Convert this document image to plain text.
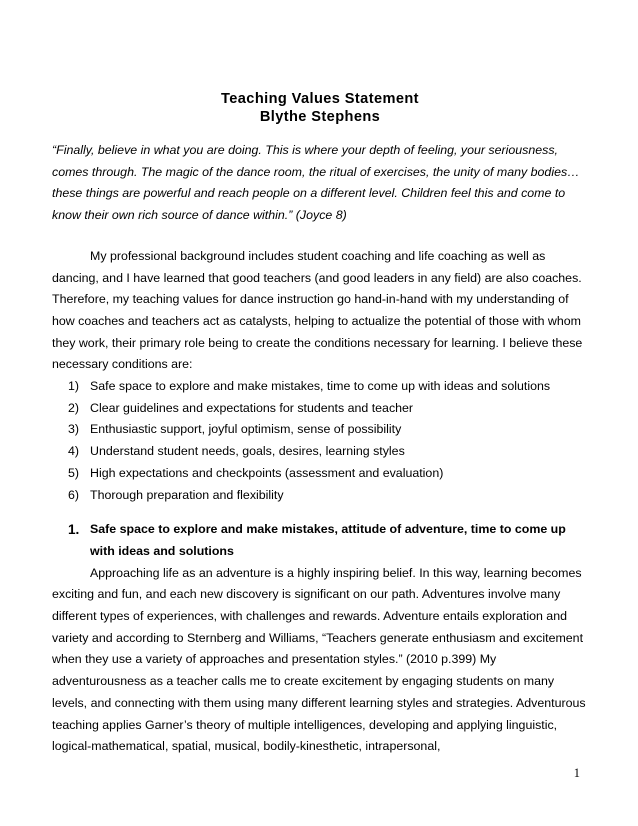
Teaching Values Statement
Blythe Stephens

“Finally, believe in what you are doing. This is where your depth of feeling, your seriousness, comes through. The magic of the dance room, the ritual of exercises, the unity of many bodies…these things are powerful and reach people on a different level. Children feel this and come to know their own rich source of dance within.” (Joyce 8)

My professional background includes student coaching and life coaching as well as dancing, and I have learned that good teachers (and good leaders in any field) are also coaches. Therefore, my teaching values for dance instruction go hand-in-hand with my understanding of how coaches and teachers act as catalysts, helping to actualize the potential of those with whom they work, their primary role being to create the conditions necessary for learning. I believe these necessary conditions are:

1) Safe space to explore and make mistakes, time to come up with ideas and solutions
2) Clear guidelines and expectations for students and teacher
3) Enthusiastic support, joyful optimism, sense of possibility
4) Understand student needs, goals, desires, learning styles
5) High expectations and checkpoints (assessment and evaluation)
6) Thorough preparation and flexibility
1. Safe space to explore and make mistakes, attitude of adventure, time to come up with ideas and solutions

Approaching life as an adventure is a highly inspiring belief. In this way, learning becomes exciting and fun, and each new discovery is significant on our path. Adventures involve many different types of experiences, with challenges and rewards. Adventure entails exploration and variety and according to Sternberg and Williams, “Teachers generate enthusiasm and excitement when they use a variety of approaches and presentation styles.” (2010 p.399) My adventurousness as a teacher calls me to create excitement by engaging students on many levels, and connecting with them using many different learning styles and strategies. Adventurous teaching applies Garner’s theory of multiple intelligences, developing and applying linguistic, logical-mathematical, spatial, musical, bodily-kinesthetic, intrapersonal,

1
